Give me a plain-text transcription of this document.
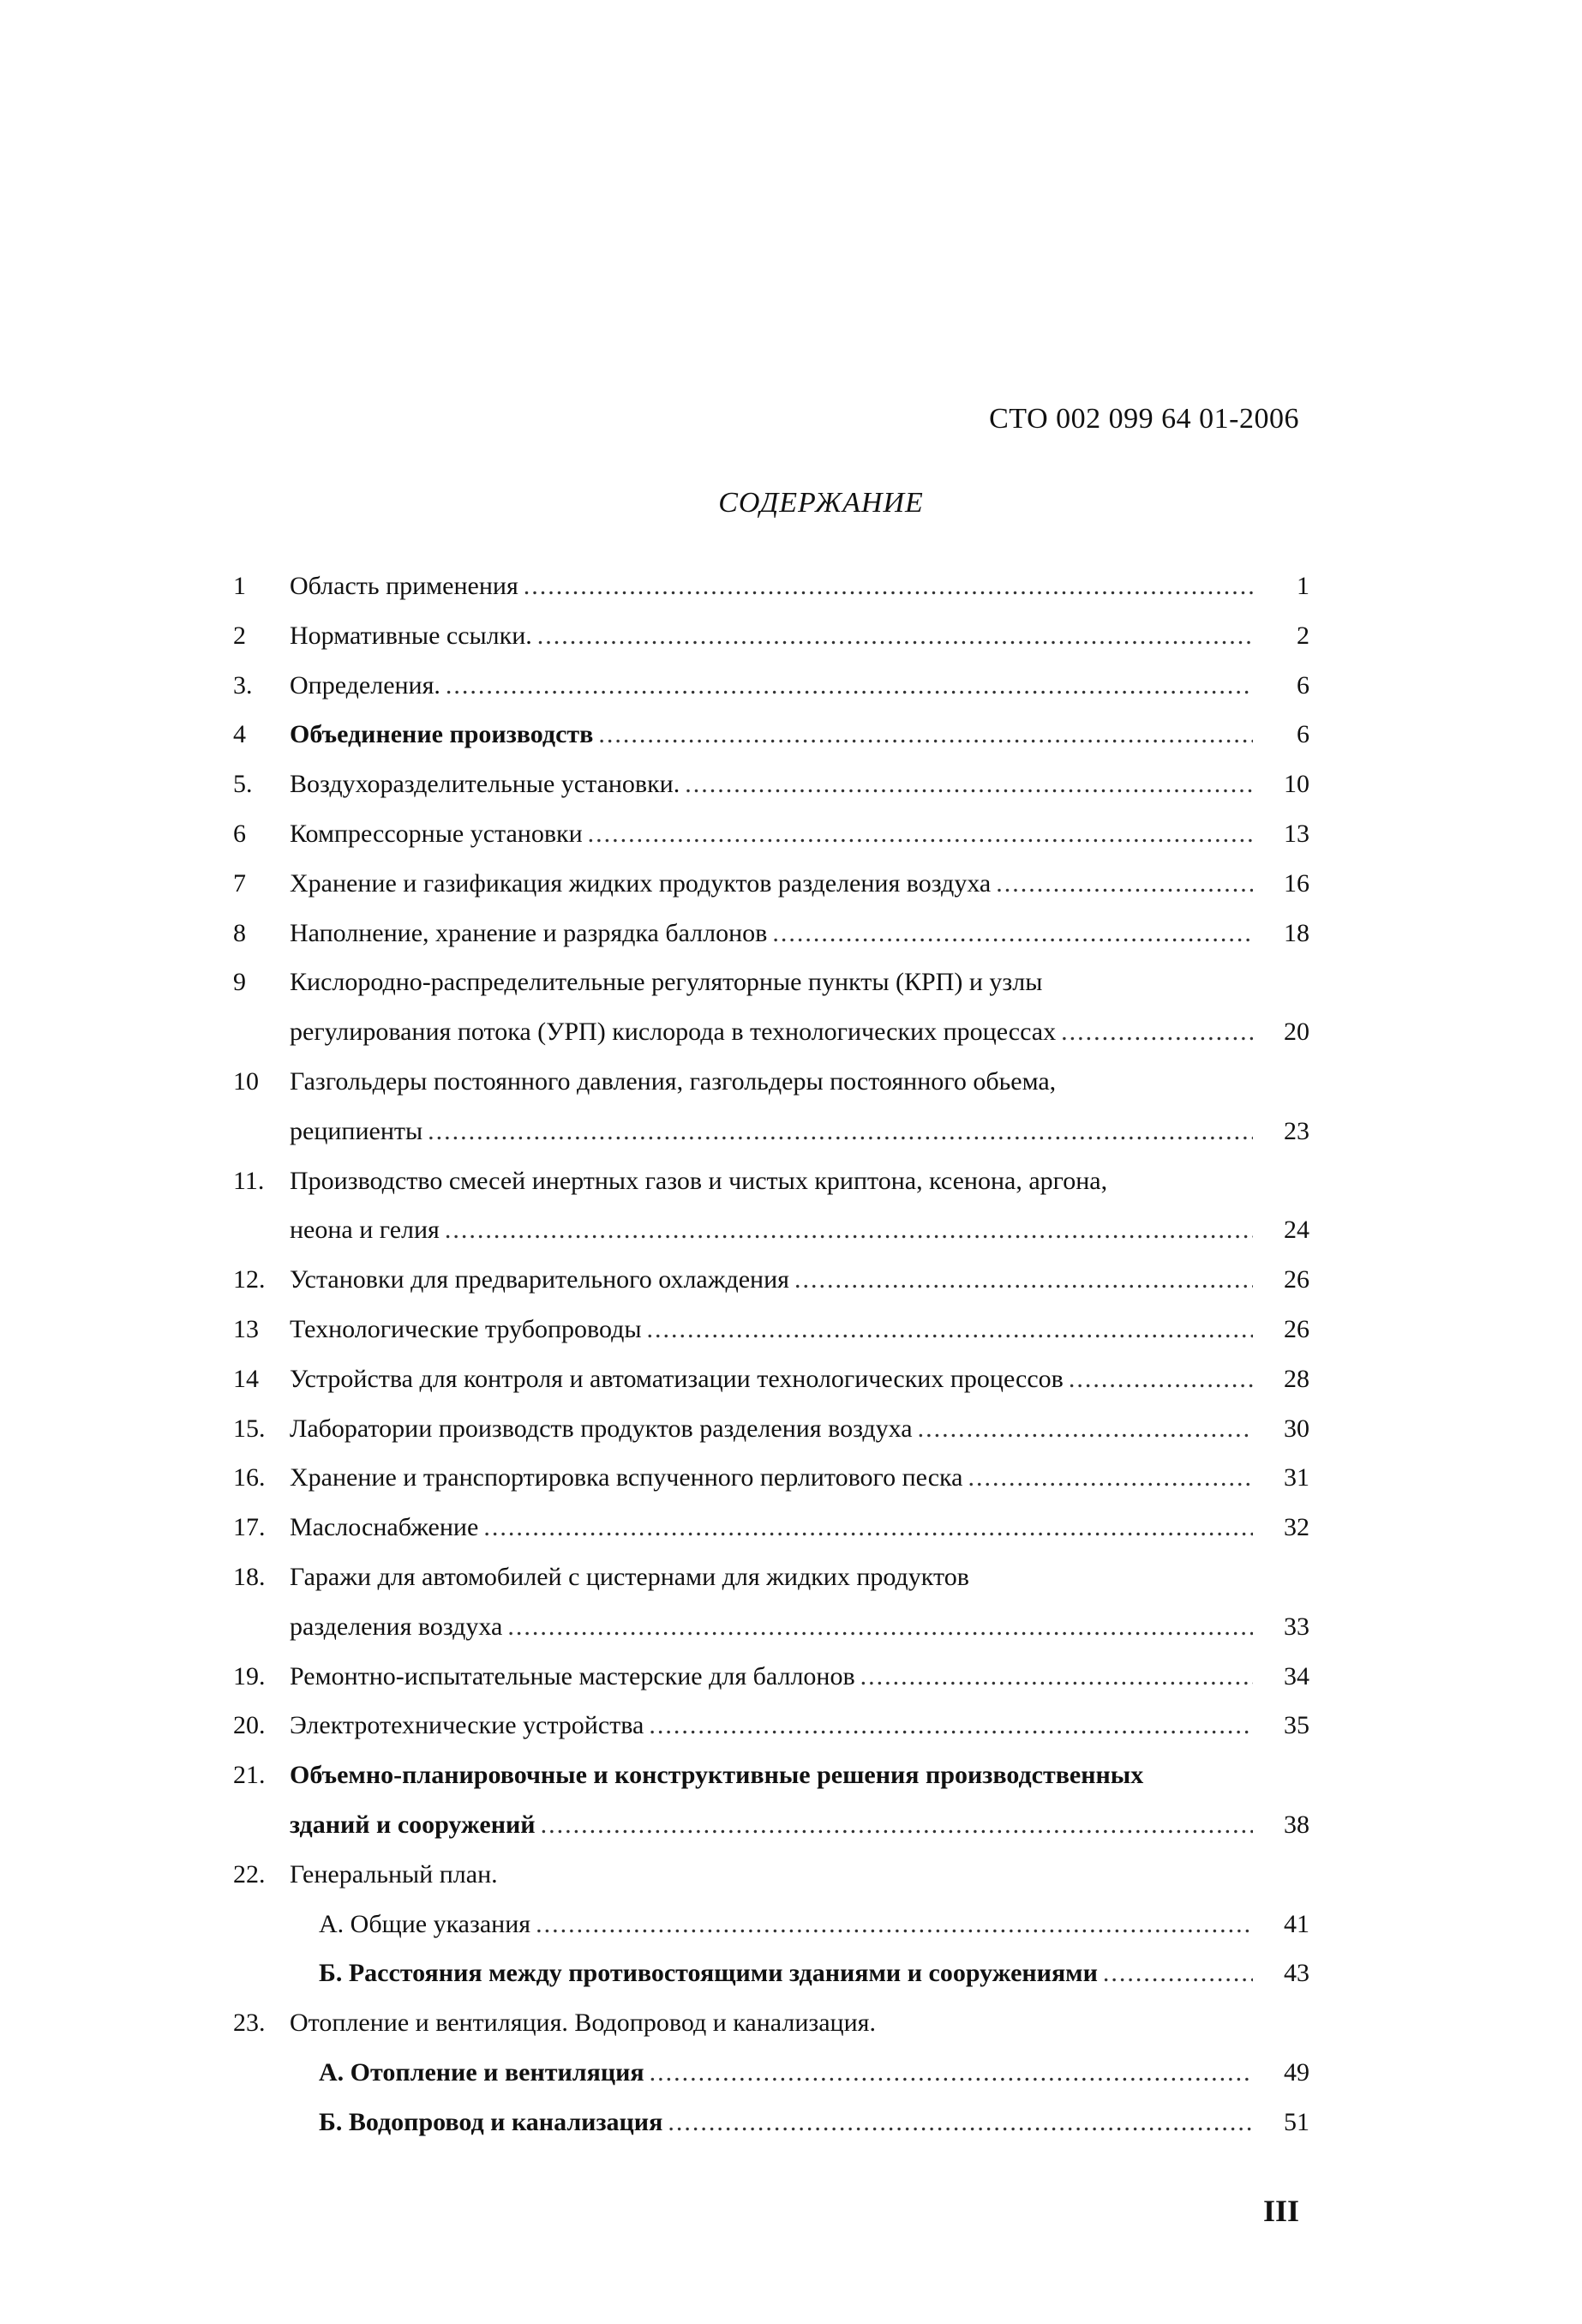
СТО 002 099 64 01-2006
СОДЕРЖАНИЕ
1	Область применения .....	1
2	Нормативные ссылки. .....	2
3.	Определения. .....	6
4	Объединение производств .....	6
5.	Воздухоразделительные установки. .....	10
6	Компрессорные установки .....	13
7	Хранение и газификация жидких продуктов разделения воздуха .....	16
8	Наполнение, хранение и разрядка баллонов .....	18
9	Кислородно-распределительные регуляторные пункты (КРП) и узлы
регулирования потока (УРП) кислорода в технологических процессах .....	20
10	Газгольдеры постоянного давления, газгольдеры постоянного обьема,
реципиенты .....	23
11. Производство смесей инертных газов и чистых криптона, ксенона, аргона,
неона и гелия .....	24
12. Установки для предварительного охлаждения .....	26
13	Технологические трубопроводы .....	26
14	Устройства для контроля и автоматизации технологических процессов .....	28
15. Лаборатории производств продуктов разделения воздуха .....	30
16. Хранение и транспортировка вспученного перлитового песка .....	31
17. Маслоснабжение .....	32
18. Гаражи для автомобилей с цистернами для жидких продуктов
разделения воздуха .....	33
19. Ремонтно-испытательные мастерские для баллонов .....	34
20. Электротехнические устройства .....	35
21. Объемно-планировочные и конструктивные решения производственных
зданий и сооружений .....	38
22. Генеральный план.
А. Общие указания .....	41
Б. Расстояния между противостоящими зданиями и сооружениями .....	43
23. Отопление и вентиляция. Водопровод и канализация.
А. Отопление и вентиляция .....	49
Б. Водопровод и канализация .....	51
III
